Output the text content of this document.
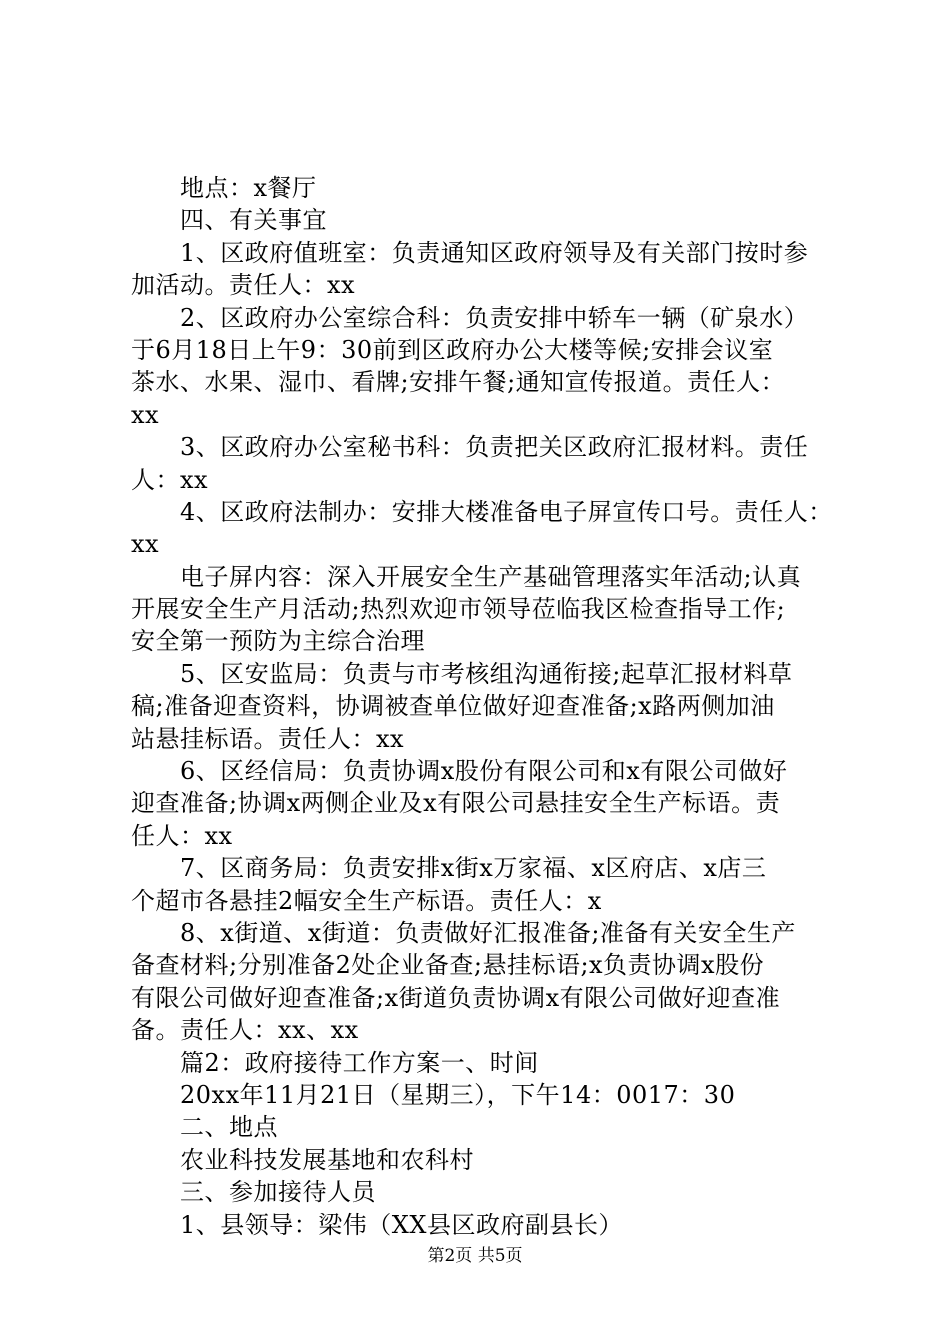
地点：x餐厅
四、有关事宜
1、区政府值班室：负责通知区政府领导及有关部门按时参
加活动。责任人：xx
2、区政府办公室综合科：负责安排中轿车一辆（矿泉水）
于6月18日上午9：30前到区政府办公大楼等候;安排会议室
茶水、水果、湿巾、看牌;安排午餐;通知宣传报道。责任人：
xx
3、区政府办公室秘书科：负责把关区政府汇报材料。责任
人：xx
4、区政府法制办：安排大楼准备电子屏宣传口号。责任人：
xx
电子屏内容：深入开展安全生产基础管理落实年活动;认真
开展安全生产月活动;热烈欢迎市领导莅临我区检查指导工作;
安全第一预防为主综合治理
5、区安监局：负责与市考核组沟通衔接;起草汇报材料草
稿;准备迎查资料，协调被查单位做好迎查准备;x路两侧加油
站悬挂标语。责任人：xx
6、区经信局：负责协调x股份有限公司和x有限公司做好
迎查准备;协调x两侧企业及x有限公司悬挂安全生产标语。责
任人：xx
7、区商务局：负责安排x街x万家福、x区府店、x店三
个超市各悬挂2幅安全生产标语。责任人：x
8、x街道、x街道：负责做好汇报准备;准备有关安全生产
备查材料;分别准备2处企业备查;悬挂标语;x负责协调x股份
有限公司做好迎查准备;x街道负责协调x有限公司做好迎查准
备。责任人：xx、xx
篇2：政府接待工作方案一、时间
20xx年11月21日（星期三），下午14：0017：30
二、地点
农业科技发展基地和农科村
三、参加接待人员
1、县领导：梁伟（XX县区政府副县长）
第2页 共5页
